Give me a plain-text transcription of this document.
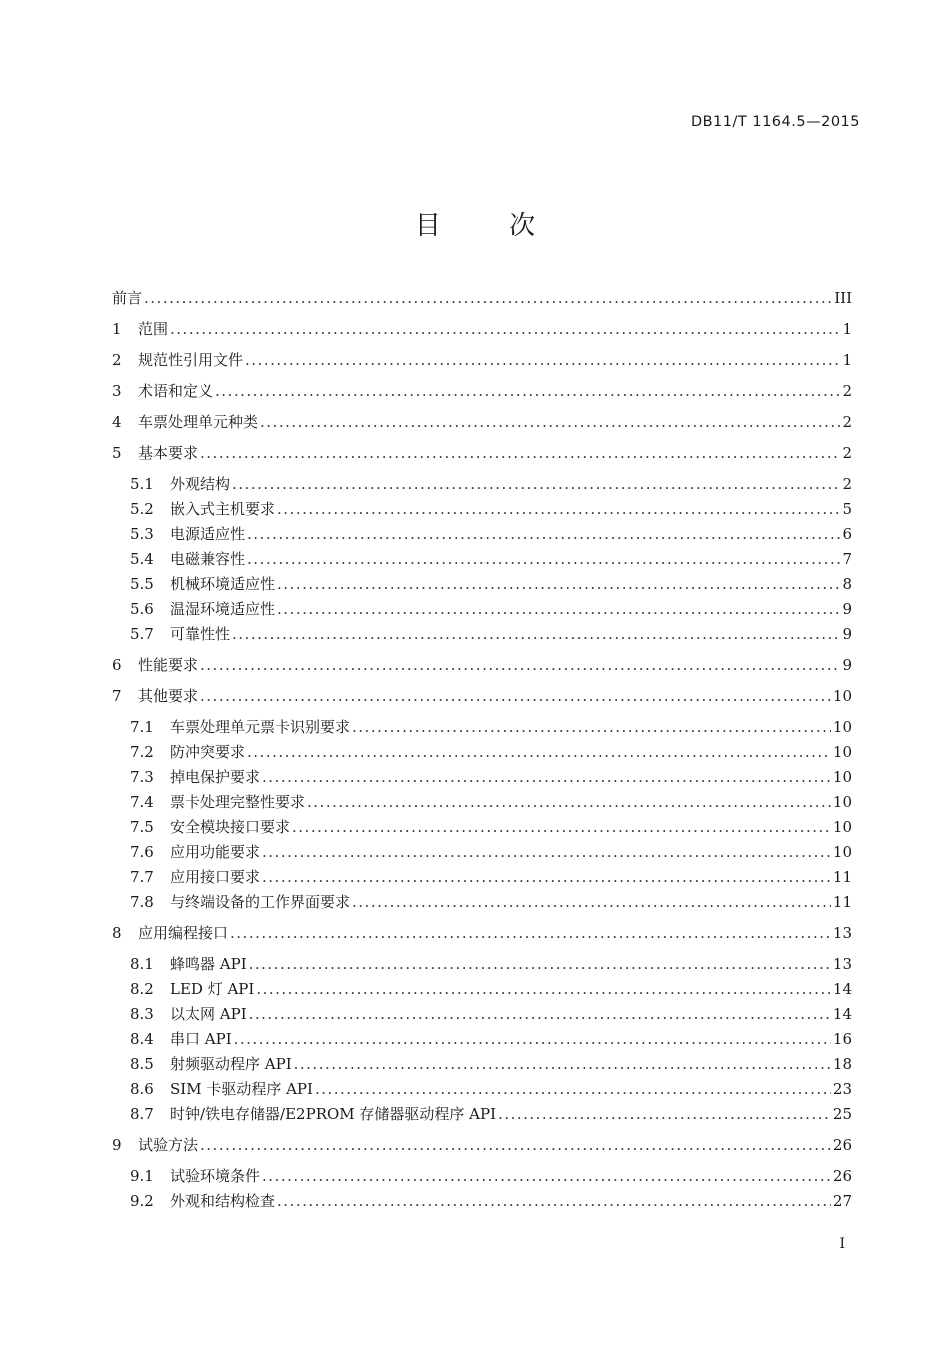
DB11/T 1164.5—2015
目 次
前言 .....	III
1	范围 .....	1
2	规范性引用文件 .....	1
3	术语和定义 .....	2
4	车票处理单元种类 .....	2
5	基本要求 .....	2
5.1	外观结构 .....	2
5.2	嵌入式主机要求 .....	5
5.3	电源适应性 .....	6
5.4	电磁兼容性 .....	7
5.5	机械环境适应性 .....	8
5.6	温湿环境适应性 .....	9
5.7	可靠性性 .....	9
6	性能要求 .....	9
7	其他要求 .....	10
7.1	车票处理单元票卡识别要求 .....	10
7.2	防冲突要求 .....	10
7.3	掉电保护要求 .....	10
7.4	票卡处理完整性要求 .....	10
7.5	安全模块接口要求 .....	10
7.6	应用功能要求 .....	10
7.7	应用接口要求 .....	11
7.8	与终端设备的工作界面要求 .....	11
8	应用编程接口 .....	13
8.1	蜂鸣器 API .....	13
8.2	LED 灯 API .....	14
8.3	以太网 API .....	14
8.4	串口 API .....	16
8.5	射频驱动程序 API .....	18
8.6	SIM 卡驱动程序 API .....	23
8.7	时钟/铁电存储器/E2PROM 存储器驱动程序 API .....	25
9	试验方法 .....	26
9.1	试验环境条件 .....	26
9.2	外观和结构检查 .....	27
I
